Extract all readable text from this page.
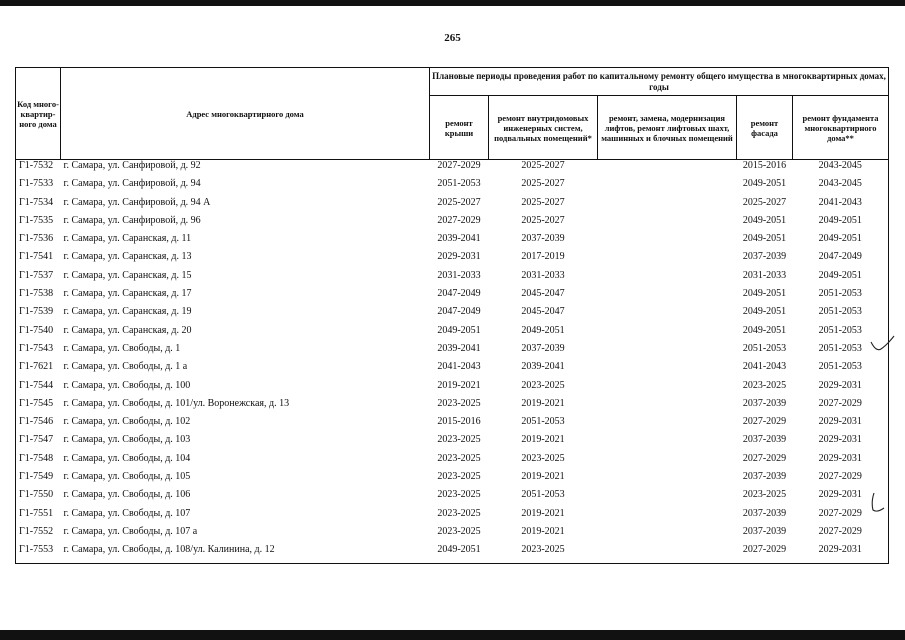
265
Код много-квартир-ного дома	Адрес многоквартирного дома	Плановые периоды проведения работ по капитальному ремонту общего имущества в многоквартирных домах, годы				
		ремонт крыши	ремонт внутридомовых инженерных систем, подвальных помещений*	ремонт, замена, модернизация лифтов, ремонт лифтовых шахт, машинных и блочных помещений	ремонт фасада	ремонт фундамента многоквартирного дома**
Г1-7532	г. Самара, ул. Санфировой, д. 92	2027-2029	2025-2027		2015-2016	2043-2045
Г1-7533	г. Самара, ул. Санфировой, д. 94	2051-2053	2025-2027		2049-2051	2043-2045
Г1-7534	г. Самара, ул. Санфировой, д. 94 А	2025-2027	2025-2027		2025-2027	2041-2043
Г1-7535	г. Самара, ул. Санфировой, д. 96	2027-2029	2025-2027		2049-2051	2049-2051
Г1-7536	г. Самара, ул. Саранская, д. 11	2039-2041	2037-2039		2049-2051	2049-2051
Г1-7541	г. Самара, ул. Саранская, д. 13	2029-2031	2017-2019		2037-2039	2047-2049
Г1-7537	г. Самара, ул. Саранская, д. 15	2031-2033	2031-2033		2031-2033	2049-2051
Г1-7538	г. Самара, ул. Саранская, д. 17	2047-2049	2045-2047		2049-2051	2051-2053
Г1-7539	г. Самара, ул. Саранская, д. 19	2047-2049	2045-2047		2049-2051	2051-2053
Г1-7540	г. Самара, ул. Саранская, д. 20	2049-2051	2049-2051		2049-2051	2051-2053
Г1-7543	г. Самара, ул. Свободы, д. 1	2039-2041	2037-2039		2051-2053	2051-2053
Г1-7621	г. Самара, ул. Свободы, д. 1 а	2041-2043	2039-2041		2041-2043	2051-2053
Г1-7544	г. Самара, ул. Свободы, д. 100	2019-2021	2023-2025		2023-2025	2029-2031
Г1-7545	г. Самара, ул. Свободы, д. 101/ул. Воронежская, д. 13	2023-2025	2019-2021		2037-2039	2027-2029
Г1-7546	г. Самара, ул. Свободы, д. 102	2015-2016	2051-2053		2027-2029	2029-2031
Г1-7547	г. Самара, ул. Свободы, д. 103	2023-2025	2019-2021		2037-2039	2029-2031
Г1-7548	г. Самара, ул. Свободы, д. 104	2023-2025	2023-2025		2027-2029	2029-2031
Г1-7549	г. Самара, ул. Свободы, д. 105	2023-2025	2019-2021		2037-2039	2027-2029
Г1-7550	г. Самара, ул. Свободы, д. 106	2023-2025	2051-2053		2023-2025	2029-2031
Г1-7551	г. Самара, ул. Свободы, д. 107	2023-2025	2019-2021		2037-2039	2027-2029
Г1-7552	г. Самара, ул. Свободы, д. 107 а	2023-2025	2019-2021		2037-2039	2027-2029
Г1-7553	г. Самара, ул. Свободы, д. 108/ул. Калинина, д. 12	2049-2051	2023-2025		2027-2029	2029-2031
